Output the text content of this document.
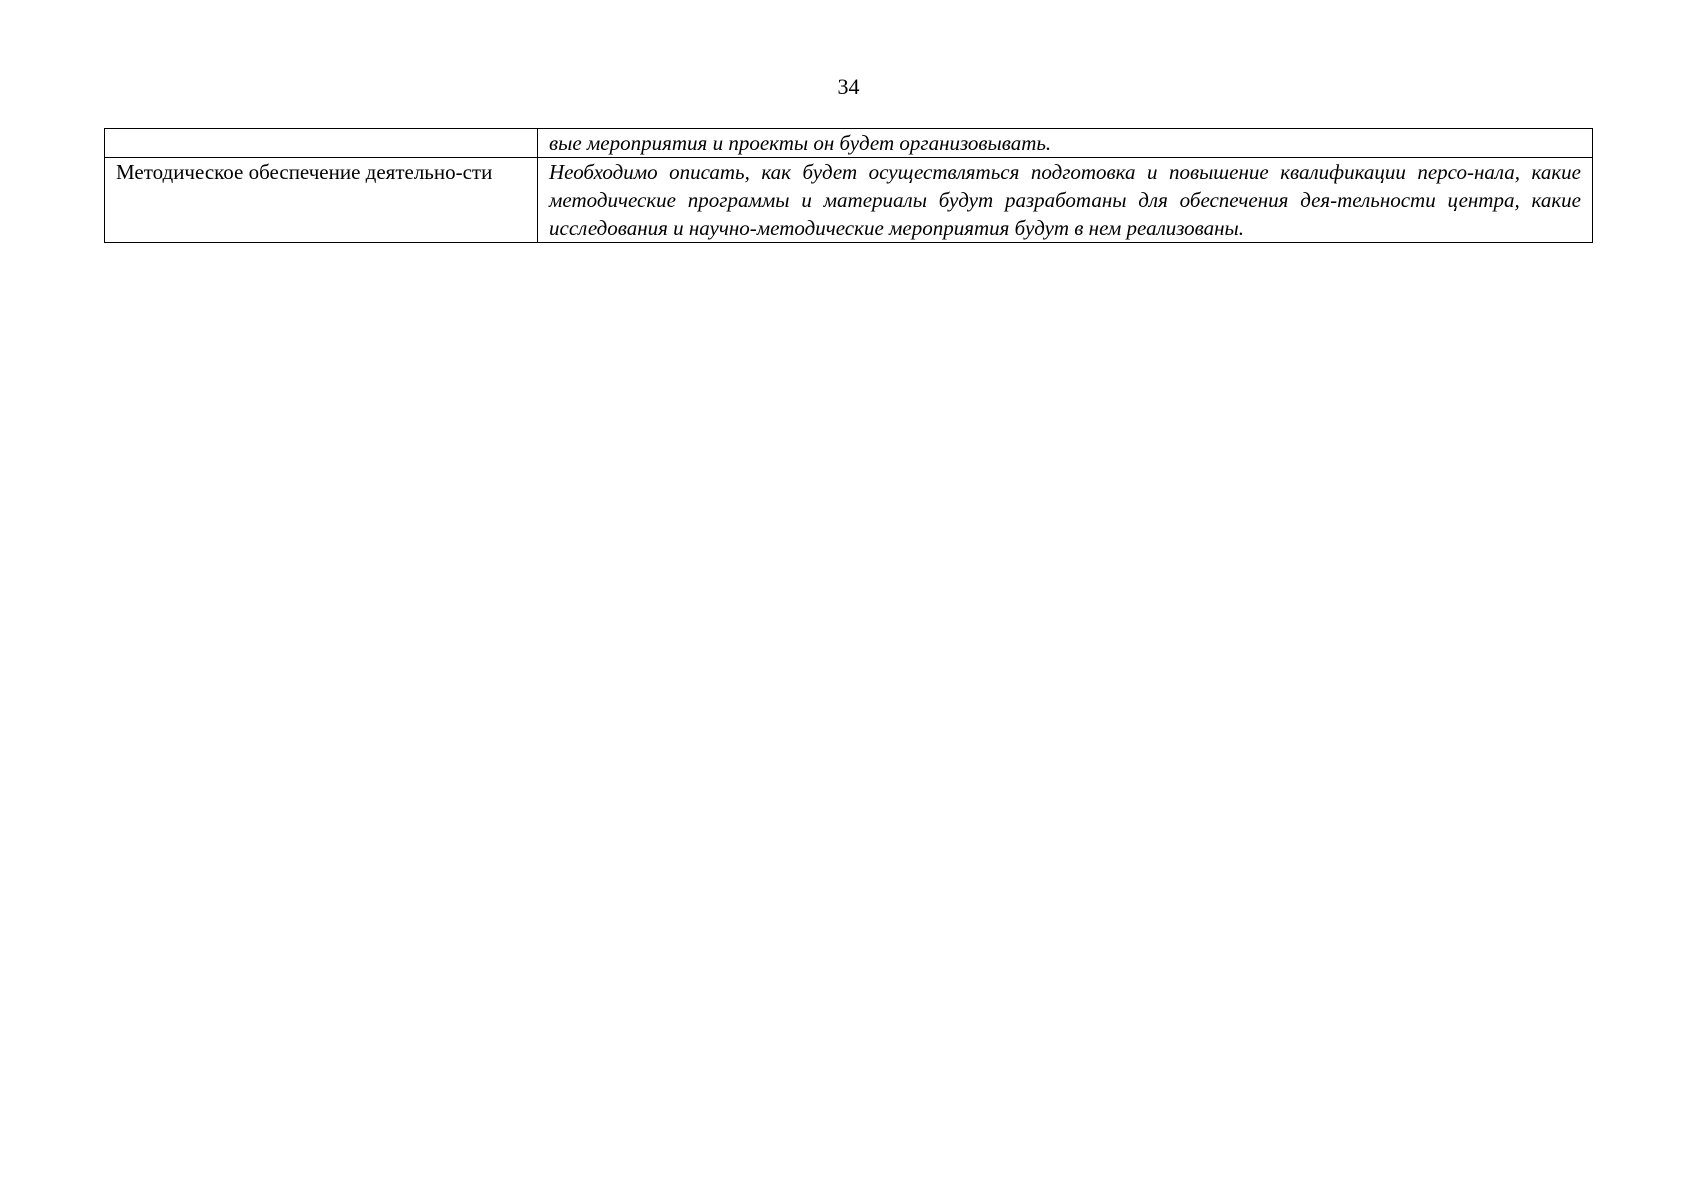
34
	вые мероприятия и проекты он будет организовывать.
Методическое обеспечение деятельно-сти	Необходимо описать, как будет осуществляться подготовка и повышение квалификации персо-нала, какие методические программы и материалы будут разработаны для обеспечения дея-тельности центра, какие исследования и научно-методические мероприятия будут в нем реализованы.
